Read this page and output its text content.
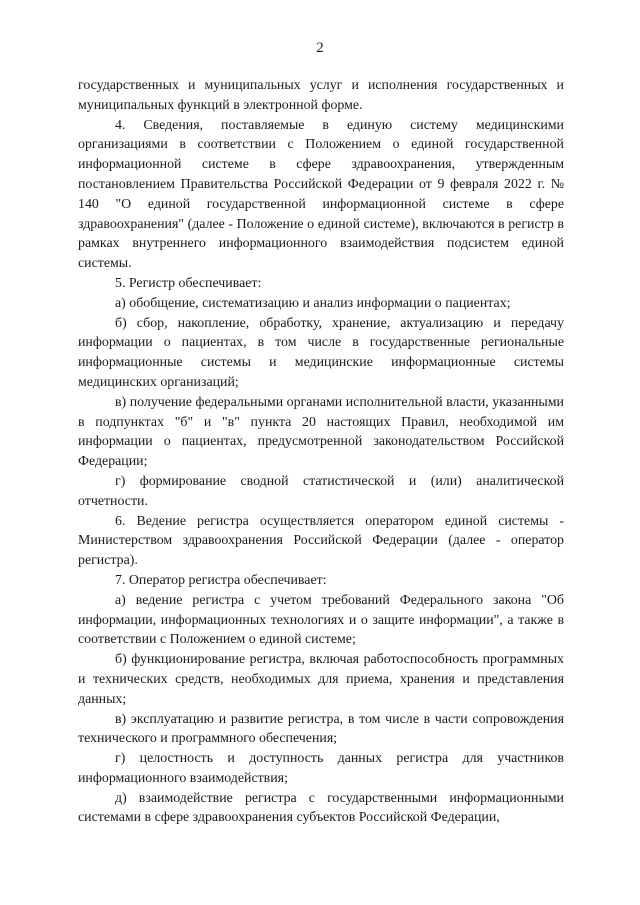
2

государственных и муниципальных услуг и исполнения государственных и муниципальных функций в электронной форме.

4. Сведения, поставляемые в единую систему медицинскими организациями в соответствии с Положением о единой государственной информационной системе в сфере здравоохранения, утвержденным постановлением Правительства Российской Федерации от 9 февраля 2022 г. № 140 "О единой государственной информационной системе в сфере здравоохранения" (далее - Положение о единой системе), включаются в регистр в рамках внутреннего информационного взаимодействия подсистем единой системы.

5. Регистр обеспечивает:

а) обобщение, систематизацию и анализ информации о пациентах;

б) сбор, накопление, обработку, хранение, актуализацию и передачу информации о пациентах, в том числе в государственные региональные информационные системы и медицинские информационные системы медицинских организаций;

в) получение федеральными органами исполнительной власти, указанными в подпунктах "б" и "в" пункта 20 настоящих Правил, необходимой им информации о пациентах, предусмотренной законодательством Российской Федерации;

г) формирование сводной статистической и (или) аналитической отчетности.

6. Ведение регистра осуществляется оператором единой системы - Министерством здравоохранения Российской Федерации (далее - оператор регистра).

7. Оператор регистра обеспечивает:

а) ведение регистра с учетом требований Федерального закона "Об информации, информационных технологиях и о защите информации", а также в соответствии с Положением о единой системе;

б) функционирование регистра, включая работоспособность программных и технических средств, необходимых для приема, хранения и представления данных;

в) эксплуатацию и развитие регистра, в том числе в части сопровождения технического и программного обеспечения;

г) целостность и доступность данных регистра для участников информационного взаимодействия;

д) взаимодействие регистра с государственными информационными системами в сфере здравоохранения субъектов Российской Федерации,
